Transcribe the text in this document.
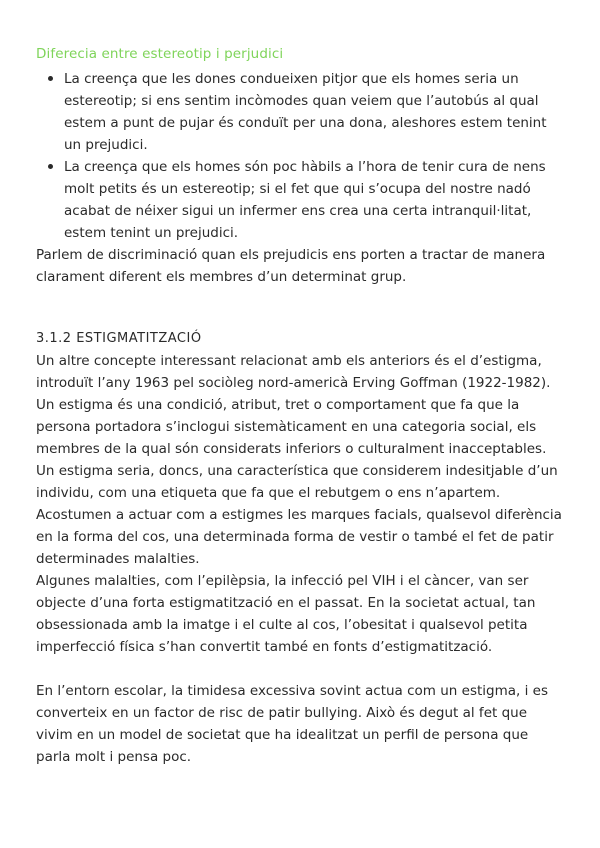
Diferecia entre estereotip i perjudici
La creença que les dones condueixen pitjor que els homes seria un estereotip; si ens sentim incòmodes quan veiem que l’autobús al qual estem a punt de pujar és conduït per una dona, aleshores estem tenint un prejudici.
La creença que els homes són poc hàbils a l’hora de tenir cura de nens molt petits és un estereotip; si el fet que qui s’ocupa del nostre nadó acabat de néixer sigui un infermer ens crea una certa intranquil·litat, estem tenint un prejudici.

Parlem de discriminació quan els prejudicis ens porten a tractar de manera clarament diferent els membres d’un determinat grup.

3.1.2 ESTIGMATITZACIÓ

Un altre concepte interessant relacionat amb els anteriors és el d’estigma, introduït l’any 1963 pel sociòleg nord-americà Erving Goffman (1922-1982). Un estigma és una condició, atribut, tret o comportament que fa que la persona portadora s’inclogui sistemàticament en una categoria social, els membres de la qual són considerats inferiors o culturalment inacceptables. Un estigma seria, doncs, una característica que considerem indesitjable d’un individu, com una etiqueta que fa que el rebutgem o ens n’apartem. Acostumen a actuar com a estigmes les marques facials, qualsevol diferència en la forma del cos, una determinada forma de vestir o també el fet de patir determinades malalties.

Algunes malalties, com l’epilèpsia, la infecció pel VIH i el càncer, van ser objecte d’una forta estigmatització en el passat. En la societat actual, tan obsessionada amb la imatge i el culte al cos, l’obesitat i qualsevol petita imperfecció física s’han convertit també en fonts d’estigmatització.

En l’entorn escolar, la timidesa excessiva sovint actua com un estigma, i es converteix en un factor de risc de patir bullying. Això és degut al fet que vivim en un model de societat que ha idealitzat un perfil de persona que parla molt i pensa poc.
